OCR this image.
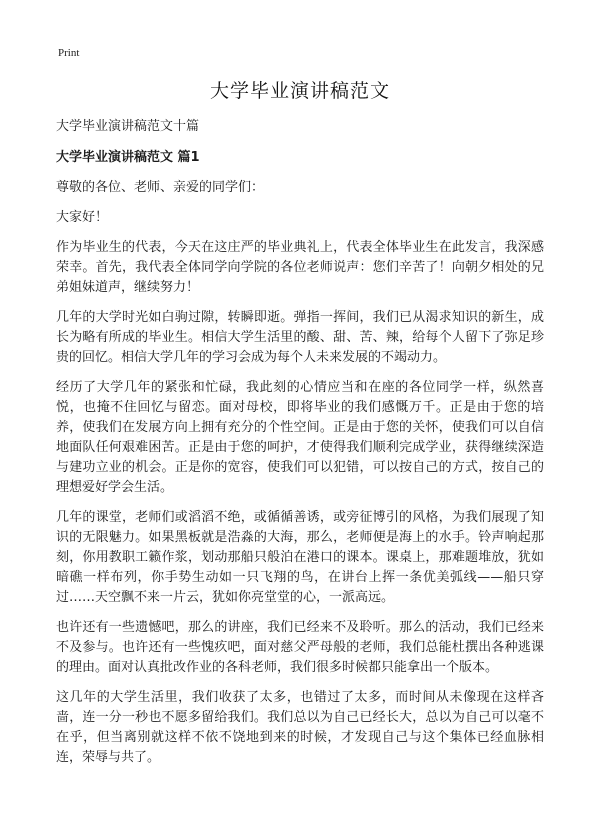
Print
大学毕业演讲稿范文
大学毕业演讲稿范文十篇
大学毕业演讲稿范文 篇1

尊敬的各位、老师、亲爱的同学们：

大家好！

作为毕业生的代表，今天在这庄严的毕业典礼上，代表全体毕业生在此发言，我深感荣幸。首先，我代表全体同学向学院的各位老师说声：您们辛苦了！向朝夕相处的兄弟姐妹道声，继续努力！

几年的大学时光如白驹过隙，转瞬即逝。弹指一挥间，我们已从渴求知识的新生，成长为略有所成的毕业生。相信大学生活里的酸、甜、苦、辣，给每个人留下了弥足珍贵的回忆。相信大学几年的学习会成为每个人未来发展的不竭动力。

经历了大学几年的紧张和忙碌，我此刻的心情应当和在座的各位同学一样，纵然喜悦，也掩不住回忆与留恋。面对母校，即将毕业的我们感慨万千。正是由于您的培养，使我们在发展方向上拥有充分的个性空间。正是由于您的关怀，使我们可以自信地面队任何艰难困苦。正是由于您的呵护，才使得我们顺利完成学业，获得继续深造与建功立业的机会。正是你的宽容，使我们可以犯错，可以按自己的方式，按自己的理想爱好学会生活。

几年的课堂，老师们或滔滔不绝，或循循善诱，或旁征博引的风格，为我们展现了知识的无限魅力。如果黑板就是浩淼的大海，那么，老师便是海上的水手。铃声响起那刻，你用教职工籁作浆，划动那船只般泊在港口的课本。课桌上，那难题堆放，犹如暗礁一样布列，你手势生动如一只飞翔的鸟，在讲台上挥一条优美弧线——船只穿过……天空飘不来一片云，犹如你亮堂堂的心，一派高远。

也许还有一些遗憾吧，那么的讲座，我们已经来不及聆听。那么的活动，我们已经来不及参与。也许还有一些愧疚吧，面对慈父严母般的老师，我们总能杜撰出各种逃课的理由。面对认真批改作业的各科老师，我们很多时候都只能拿出一个版本。

这几年的大学生活里，我们收获了太多，也错过了太多，而时间从未像现在这样吝啬，连一分一秒也不愿多留给我们。我们总以为自己已经长大，总以为自己可以毫不在乎，但当离别就这样不依不饶地到来的时候，才发现自己与这个集体已经血脉相连，荣辱与共了。
